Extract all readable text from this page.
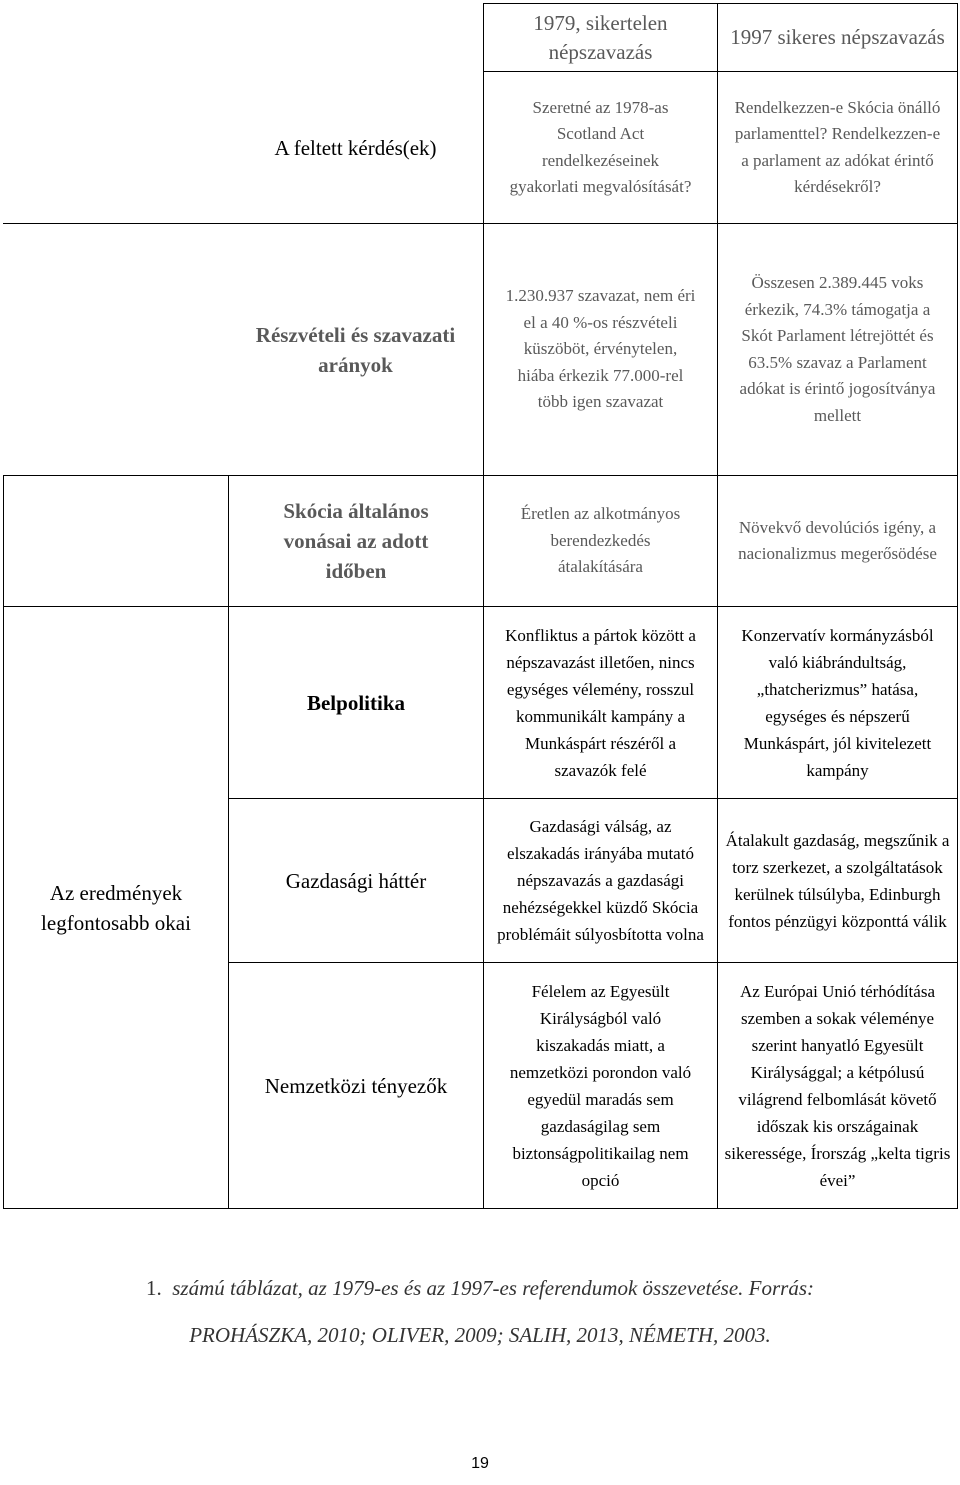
1979, sikertelen népszavazás
1997 sikeres népszavazás
A feltett kérdés(ek)
Szeretné az 1978-as Scotland Act rendelkezéseinek gyakorlati megvalósítását?
Rendelkezzen-e Skócia önálló parlamenttel? Rendelkezzen-e a parlament az adókat érintő kérdésekről?
Részvételi és szavazati arányok
1.230.937 szavazat, nem éri el a 40 %-os részvételi küszöböt, érvénytelen, hiába érkezik 77.000-rel több igen szavazat
Összesen 2.389.445 voks érkezik, 74.3% támogatja a Skót Parlament létrejöttét és 63.5% szavaz a Parlament adókat is érintő jogosítványa mellett
Skócia általános vonásai az adott időben
Éretlen az alkotmányos berendezkedés átalakítására
Növekvő devolúciós igény, a nacionalizmus megerősödése
Az eredmények legfontosabb okai
Belpolitika
Konfliktus a pártok között a népszavazást illetően, nincs egységes vélemény, rosszul kommunikált kampány a Munkáspárt részéről a szavazók felé
Konzervatív kormányzásból való kiábrándultság, „thatcherizmus” hatása, egységes és népszerű Munkáspárt, jól kivitelezett kampány
Gazdasági háttér
Gazdasági válság, az elszakadás irányába mutató népszavazás a gazdasági nehézségekkel küzdő Skócia problémáit súlyosbította volna
Átalakult gazdaság, megszűnik a torz szerkezet, a szolgáltatások kerülnek túlsúlyba, Edinburgh fontos pénzügyi központtá válik
Nemzetközi tényezők
Félelem az Egyesült Királyságból való kiszakadás miatt, a nemzetközi porondon való egyedül maradás sem gazdaságilag sem biztonságpolitikailag nem opció
Az Európai Unió térhódítása szemben a sokak véleménye szerint hanyatló Egyesült Királysággal; a kétpólusú világrend felbomlását követő időszak kis országainak sikeressége, Írország „kelta tigris évei”
1. számú táblázat, az 1979-es és az 1997-es referendumok összevetése. Forrás:
PROHÁSZKA, 2010; OLIVER, 2009; SALIH, 2013, NÉMETH, 2003.
19
